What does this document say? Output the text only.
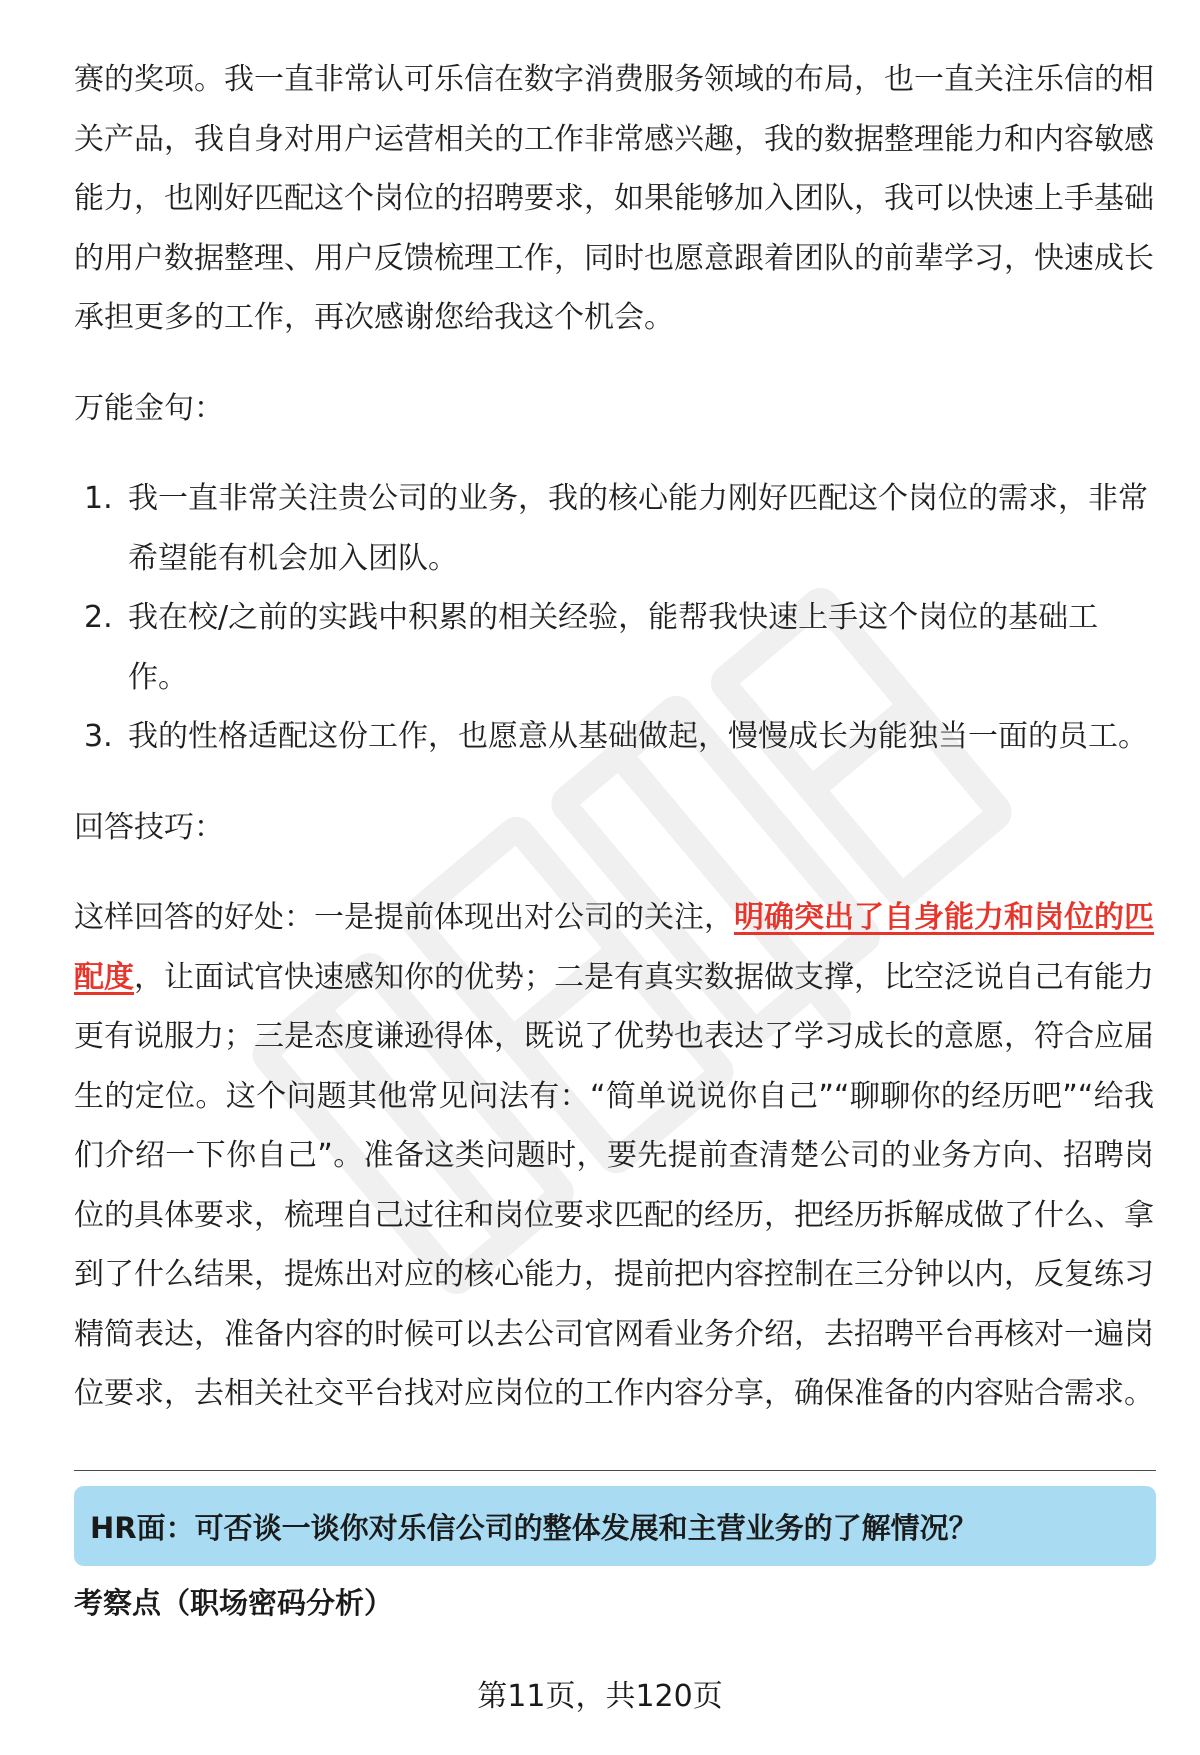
赛的奖项。我一直非常认可乐信在数字消费服务领域的布局，也一直关注乐信的相关产品，我自身对用户运营相关的工作非常感兴趣，我的数据整理能力和内容敏感能力，也刚好匹配这个岗位的招聘要求，如果能够加入团队，我可以快速上手基础的用户数据整理、用户反馈梳理工作，同时也愿意跟着团队的前辈学习，快速成长承担更多的工作，再次感谢您给我这个机会。

万能金句：

1. 我一直非常关注贵公司的业务，我的核心能力刚好匹配这个岗位的需求，非常希望能有机会加入团队。
2. 我在校/之前的实践中积累的相关经验，能帮我快速上手这个岗位的基础工作。
3. 我的性格适配这份工作，也愿意从基础做起，慢慢成长为能独当一面的员工。

回答技巧：

这样回答的好处：一是提前体现出对公司的关注，明确突出了自身能力和岗位的匹配度，让面试官快速感知你的优势；二是有真实数据做支撑，比空泛说自己有能力更有说服力；三是态度谦逊得体，既说了优势也表达了学习成长的意愿，符合应届生的定位。这个问题其他常见问法有：“简单说说你自己”“聊聊你的经历吧”“给我们介绍一下你自己”。准备这类问题时，要先提前查清楚公司的业务方向、招聘岗位的具体要求，梳理自己过往和岗位要求匹配的经历，把经历拆解成做了什么、拿到了什么结果，提炼出对应的核心能力，提前把内容控制在三分钟以内，反复练习精简表达，准备内容的时候可以去公司官网看业务介绍，去招聘平台再核对一遍岗位要求，去相关社交平台找对应岗位的工作内容分享，确保准备的内容贴合需求。

HR面：可否谈一谈你对乐信公司的整体发展和主营业务的了解情况？
考察点（职场密码分析）
第11页，共120页
